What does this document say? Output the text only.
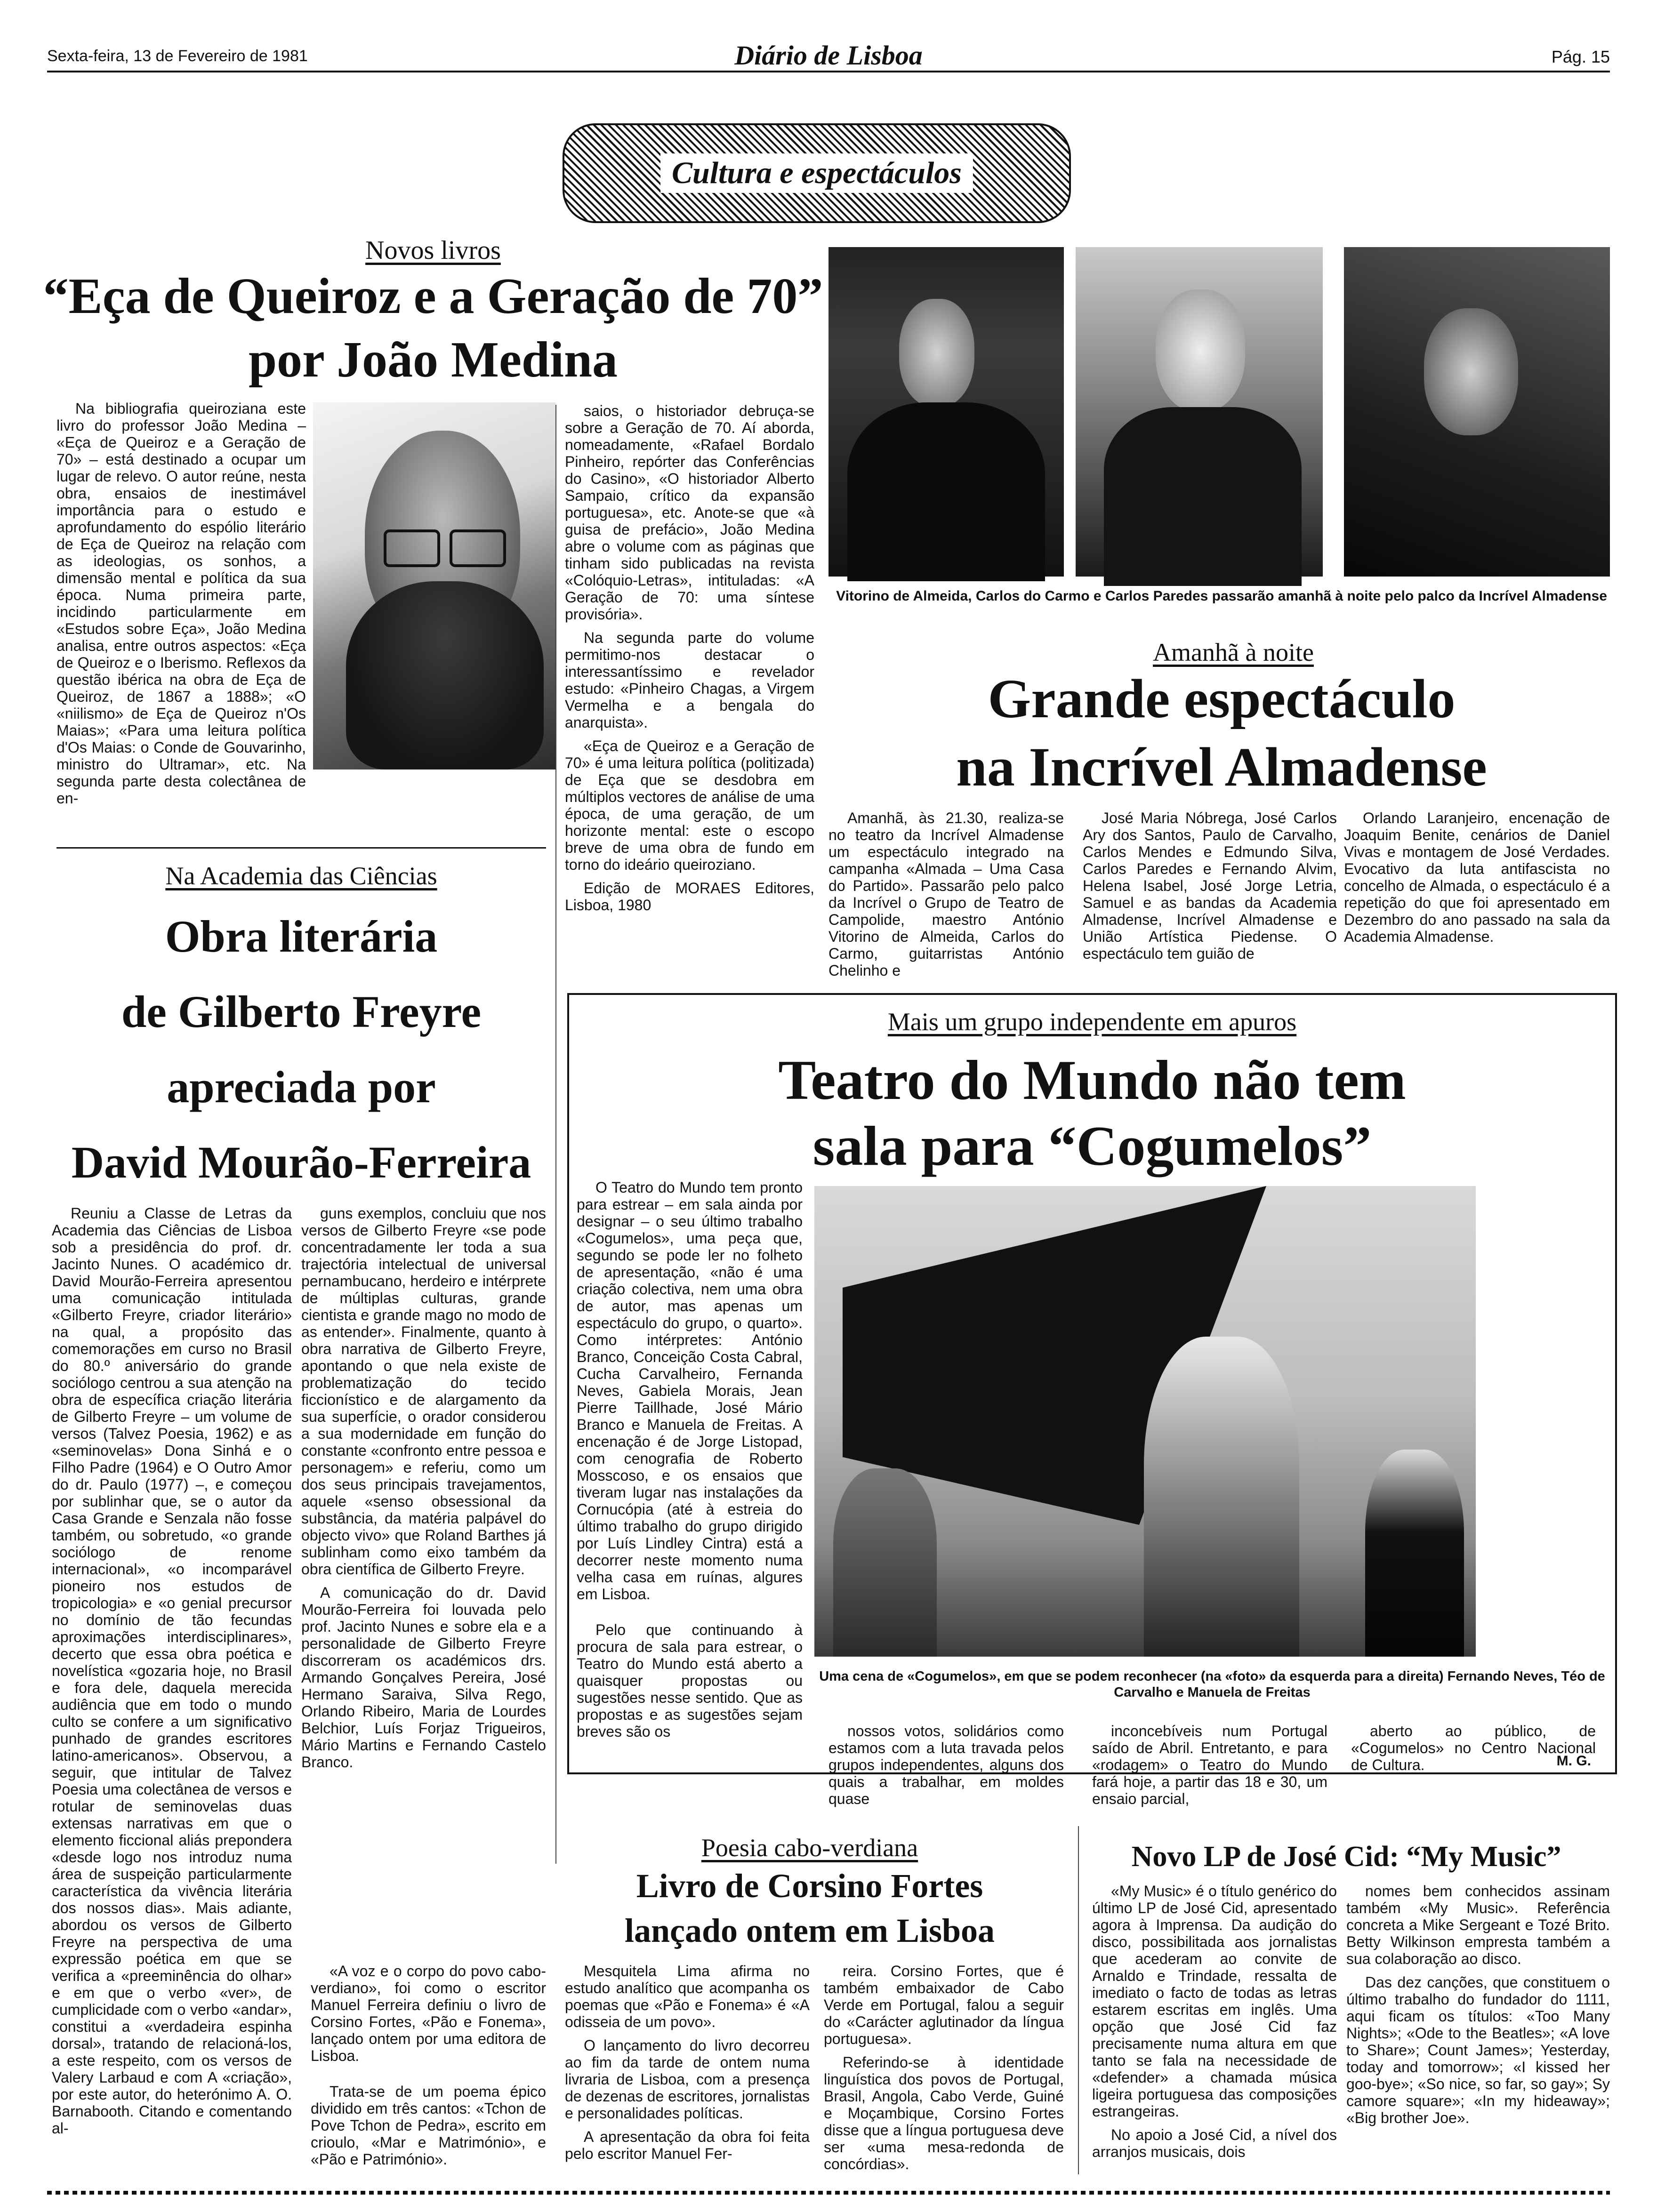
Sexta-feira, 13 de Fevereiro de 1981	Diário de Lisboa	Pág. 15
Cultura e espectáculos
Novos livros
“Eça de Queiroz e a Geração de 70”
por João Medina

Na bibliografia queiroziana este livro do professor João Medina – «Eça de Queiroz e a Geração de 70» – está destinado a ocupar um lugar de relevo. O autor reúne, nesta obra, ensaios de inestimável importância para o estudo e aprofundamento do espólio literário de Eça de Queiroz na relação com as ideologias, os sonhos, a dimensão mental e política da sua época. Numa primeira parte, incidindo particularmente em «Estudos sobre Eça», João Medina analisa, entre outros aspectos: «Eça de Queiroz e o Iberismo. Reflexos da questão ibérica na obra de Eça de Queiroz, de 1867 a 1888»; «O «niilismo» de Eça de Queiroz n'Os Maias»; «Para uma leitura política d'Os Maias: o Conde de Gouvarinho, ministro do Ultramar», etc. Na segunda parte desta colectânea de en-

saios, o historiador debruça-se sobre a Geração de 70. Aí aborda, nomeadamente, «Rafael Bordalo Pinheiro, repórter das Conferências do Casino», «O historiador Alberto Sampaio, crítico da expansão portuguesa», etc. Anote-se que «à guisa de prefácio», João Medina abre o volume com as páginas que tinham sido publicadas na revista «Colóquio-Letras», intituladas: «A Geração de 70: uma síntese provisória».

Na segunda parte do volume permitimo-nos destacar o interessantíssimo e revelador estudo: «Pinheiro Chagas, a Virgem Vermelha e a bengala do anarquista».

«Eça de Queiroz e a Geração de 70» é uma leitura política (politizada) de Eça que se desdobra em múltiplos vectores de análise de uma época, de uma geração, de um horizonte mental: este o escopo breve de uma obra de fundo em torno do ideário queiroziano.

Edição de MORAES Editores, Lisboa, 1980

Na Academia das Ciências
Obra literária
de Gilberto Freyre
apreciada por
David Mourão-Ferreira

Reuniu a Classe de Letras da Academia das Ciências de Lisboa sob a presidência do prof. dr. Jacinto Nunes. O académico dr. David Mourão-Ferreira apresentou uma comunicação intitulada «Gilberto Freyre, criador literário» na qual, a propósito das comemorações em curso no Brasil do 80.º aniversário do grande sociólogo centrou a sua atenção na obra de específica criação literária de Gilberto Freyre – um volume de versos (Talvez Poesia, 1962) e as «seminovelas» Dona Sinhá e o Filho Padre (1964) e O Outro Amor do dr. Paulo (1977) –, e começou por sublinhar que, se o autor da Casa Grande e Senzala não fosse também, ou sobretudo, «o grande sociólogo de renome internacional», «o incomparável pioneiro nos estudos de tropicologia» e «o genial precursor no domínio de tão fecundas aproximações interdisciplinares», decerto que essa obra poética e novelística «gozaria hoje, no Brasil e fora dele, daquela merecida audiência que em todo o mundo culto se confere a um significativo punhado de grandes escritores latino-americanos». Observou, a seguir, que intitular de Talvez Poesia uma colectânea de versos e rotular de seminovelas duas extensas narrativas em que o elemento ficcional aliás prepondera «desde logo nos introduz numa área de suspeição particularmente característica da vivência literária dos nossos dias». Mais adiante, abordou os versos de Gilberto Freyre na perspectiva de uma expressão poética em que se verifica a «preeminência do olhar» e em que o verbo «ver», de cumplicidade com o verbo «andar», constitui a «verdadeira espinha dorsal», tratando de relacioná-los, a este respeito, com os versos de Valery Larbaud e com A «criação», por este autor, do heterónimo A. O. Barnabooth. Citando e comentando al-

guns exemplos, concluiu que nos versos de Gilberto Freyre «se pode concentradamente ler toda a sua trajectória intelectual de universal pernambucano, herdeiro e intérprete de múltiplas culturas, grande cientista e grande mago no modo de as entender». Finalmente, quanto à obra narrativa de Gilberto Freyre, apontando o que nela existe de problematização do tecido ficcionístico e de alargamento da sua superfície, o orador considerou a sua modernidade em função do constante «confronto entre pessoa e personagem» e referiu, como um dos seus principais travejamentos, aquele «senso obsessional da substância, da matéria palpável do objecto vivo» que Roland Barthes já sublinham como eixo também da obra científica de Gilberto Freyre.

A comunicação do dr. David Mourão-Ferreira foi louvada pelo prof. Jacinto Nunes e sobre ela e a personalidade de Gilberto Freyre discorreram os académicos drs. Armando Gonçalves Pereira, José Hermano Saraiva, Silva Rego, Orlando Ribeiro, Maria de Lourdes Belchior, Luís Forjaz Trigueiros, Mário Martins e Fernando Castelo Branco.

Vitorino de Almeida, Carlos do Carmo e Carlos Paredes passarão amanhã à noite pelo palco da Incrível Almadense
Amanhã à noite
Grande espectáculo
na Incrível Almadense

Amanhã, às 21.30, realiza-se no teatro da Incrível Almadense um espectáculo integrado na campanha «Almada – Uma Casa do Partido». Passarão pelo palco da Incrível o Grupo de Teatro de Campolide, maestro António Vitorino de Almeida, Carlos do Carmo, guitarristas António Chelinho e

José Maria Nóbrega, José Carlos Ary dos Santos, Paulo de Carvalho, Carlos Mendes e Edmundo Silva, Carlos Paredes e Fernando Alvim, Helena Isabel, José Jorge Letria, Samuel e as bandas da Academia Almadense, Incrível Almadense e União Artística Piedense. O espectáculo tem guião de

Orlando Laranjeiro, encenação de Joaquim Benite, cenários de Daniel Vivas e montagem de José Verdades. Evocativo da luta antifascista no concelho de Almada, o espectáculo é a repetição do que foi apresentado em Dezembro do ano passado na sala da Academia Almadense.

Mais um grupo independente em apuros
Teatro do Mundo não tem
sala para “Cogumelos”

O Teatro do Mundo tem pronto para estrear – em sala ainda por designar – o seu último trabalho «Cogumelos», uma peça que, segundo se pode ler no folheto de apresentação, «não é uma criação colectiva, nem uma obra de autor, mas apenas um espectáculo do grupo, o quarto». Como intérpretes: António Branco, Conceição Costa Cabral, Cucha Carvalheiro, Fernanda Neves, Gabiela Morais, Jean Pierre Taillhade, José Mário Branco e Manuela de Freitas. A encenação é de Jorge Listopad, com cenografia de Roberto Mosscoso, e os ensaios que tiveram lugar nas instalações da Cornucópia (até à estreia do último trabalho do grupo dirigido por Luís Lindley Cintra) está a decorrer neste momento numa velha casa em ruínas, algures em Lisboa.

Pelo que continuando à procura de sala para estrear, o Teatro do Mundo está aberto a quaisquer propostas ou sugestões nesse sentido. Que as propostas e as sugestões sejam breves são os

Uma cena de «Cogumelos», em que se podem reconhecer (na «foto» da esquerda para a direita) Fernando Neves, Téo de Carvalho e Manuela de Freitas

nossos votos, solidários como estamos com a luta travada pelos grupos independentes, alguns dos quais a trabalhar, em moldes quase

inconcebíveis num Portugal saído de Abril. Entretanto, e para «rodagem» o Teatro do Mundo fará hoje, a partir das 18 e 30, um ensaio parcial,

aberto ao público, de «Cogumelos» no Centro Nacional de Cultura.	M. G.
Poesia cabo-verdiana
Livro de Corsino Fortes
lançado ontem em Lisboa

«A voz e o corpo do povo cabo-verdiano», foi como o escritor Manuel Ferreira definiu o livro de Corsino Fortes, «Pão e Fonema», lançado ontem por uma editora de Lisboa.

Trata-se de um poema épico dividido em três cantos: «Tchon de Pove Tchon de Pedra», escrito em crioulo, «Mar e Matrimónio», e «Pão e Património».

Mesquitela Lima afirma no estudo analítico que acompanha os poemas que «Pão e Fonema» é «A odisseia de um povo».

O lançamento do livro decorreu ao fim da tarde de ontem numa livraria de Lisboa, com a presença de dezenas de escritores, jornalistas e personalidades políticas.

A apresentação da obra foi feita pelo escritor Manuel Fer-

reira. Corsino Fortes, que é também embaixador de Cabo Verde em Portugal, falou a seguir do «Carácter aglutinador da língua portuguesa».

Referindo-se à identidade linguística dos povos de Portugal, Brasil, Angola, Cabo Verde, Guiné e Moçambique, Corsino Fortes disse que a língua portuguesa deve ser «uma mesa-redonda de concórdias».

Novo LP de José Cid: “My Music”

«My Music» é o título genérico do último LP de José Cid, apresentado agora à Imprensa. Da audição do disco, possibilitada aos jornalistas que acederam ao convite de Arnaldo e Trindade, ressalta de imediato o facto de todas as letras estarem escritas em inglês. Uma opção que José Cid faz precisamente numa altura em que tanto se fala na necessidade de «defender» a chamada música ligeira portuguesa das composições estrangeiras.

No apoio a José Cid, a nível dos arranjos musicais, dois

nomes bem conhecidos assinam também «My Music». Referência concreta a Mike Sergeant e Tozé Brito. Betty Wilkinson empresta também a sua colaboração ao disco.

Das dez canções, que constituem o último trabalho do fundador do 1111, aqui ficam os títulos: «Too Many Nights»; «Ode to the Beatles»; «A love to Share»; Count James»; Yesterday, today and tomorrow»; «I kissed her goo-bye»; «So nice, so far, so gay»; Sy camore square»; «In my hideaway»; «Big brother Joe».
